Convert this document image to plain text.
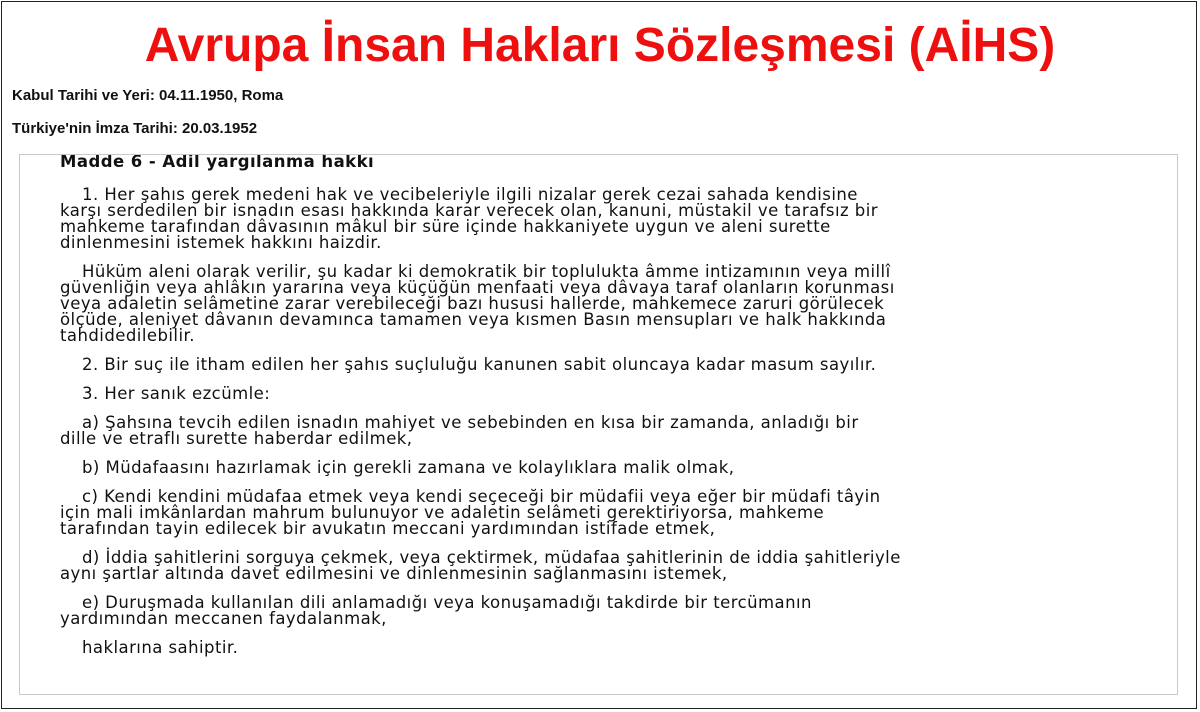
Avrupa İnsan Hakları Sözleşmesi (AİHS)
Kabul Tarihi ve Yeri: 04.11.1950, Roma
Türkiye'nin İmza Tarihi: 20.03.1952
Madde 6 - Adil yargılanma hakkı
1. Her şahıs gerek medeni hak ve vecibeleriyle ilgili nizalar gerek cezai sahada kendisine
karşı serdedilen bir isnadın esası hakkında karar verecek olan, kanuni, müstakil ve tarafsız bir
mahkeme tarafından dâvasının mâkul bir süre içinde hakkaniyete uygun ve aleni surette
dinlenmesini istemek hakkını haizdir.
Hüküm aleni olarak verilir, şu kadar ki demokratik bir toplulukta âmme intizamının veya millî
güvenliğin veya ahlâkın yararına veya küçüğün menfaati veya dâvaya taraf olanların korunması
veya adaletin selâmetine zarar verebileceği bazı hususi hallerde, mahkemece zaruri görülecek
ölçüde, aleniyet dâvanın devamınca tamamen veya kısmen Basın mensupları ve halk hakkında
tahdidedilebilir.
2. Bir suç ile itham edilen her şahıs suçluluğu kanunen sabit oluncaya kadar masum sayılır.
3. Her sanık ezcümle:
a) Şahsına tevcih edilen isnadın mahiyet ve sebebinden en kısa bir zamanda, anladığı bir
dille ve etraflı surette haberdar edilmek,
b) Müdafaasını hazırlamak için gerekli zamana ve kolaylıklara malik olmak,
c) Kendi kendini müdafaa etmek veya kendi seçeceği bir müdafii veya eğer bir müdafi tâyin
için mali imkânlardan mahrum bulunuyor ve adaletin selâmeti gerektiriyorsa, mahkeme
tarafından tayin edilecek bir avukatın meccani yardımından istifade etmek,
d) İddia şahitlerini sorguya çekmek, veya çektirmek, müdafaa şahitlerinin de iddia şahitleriyle
aynı şartlar altında davet edilmesini ve dinlenmesinin sağlanmasını istemek,
e) Duruşmada kullanılan dili anlamadığı veya konuşamadığı takdirde bir tercümanın
yardımından meccanen faydalanmak,
haklarına sahiptir.
